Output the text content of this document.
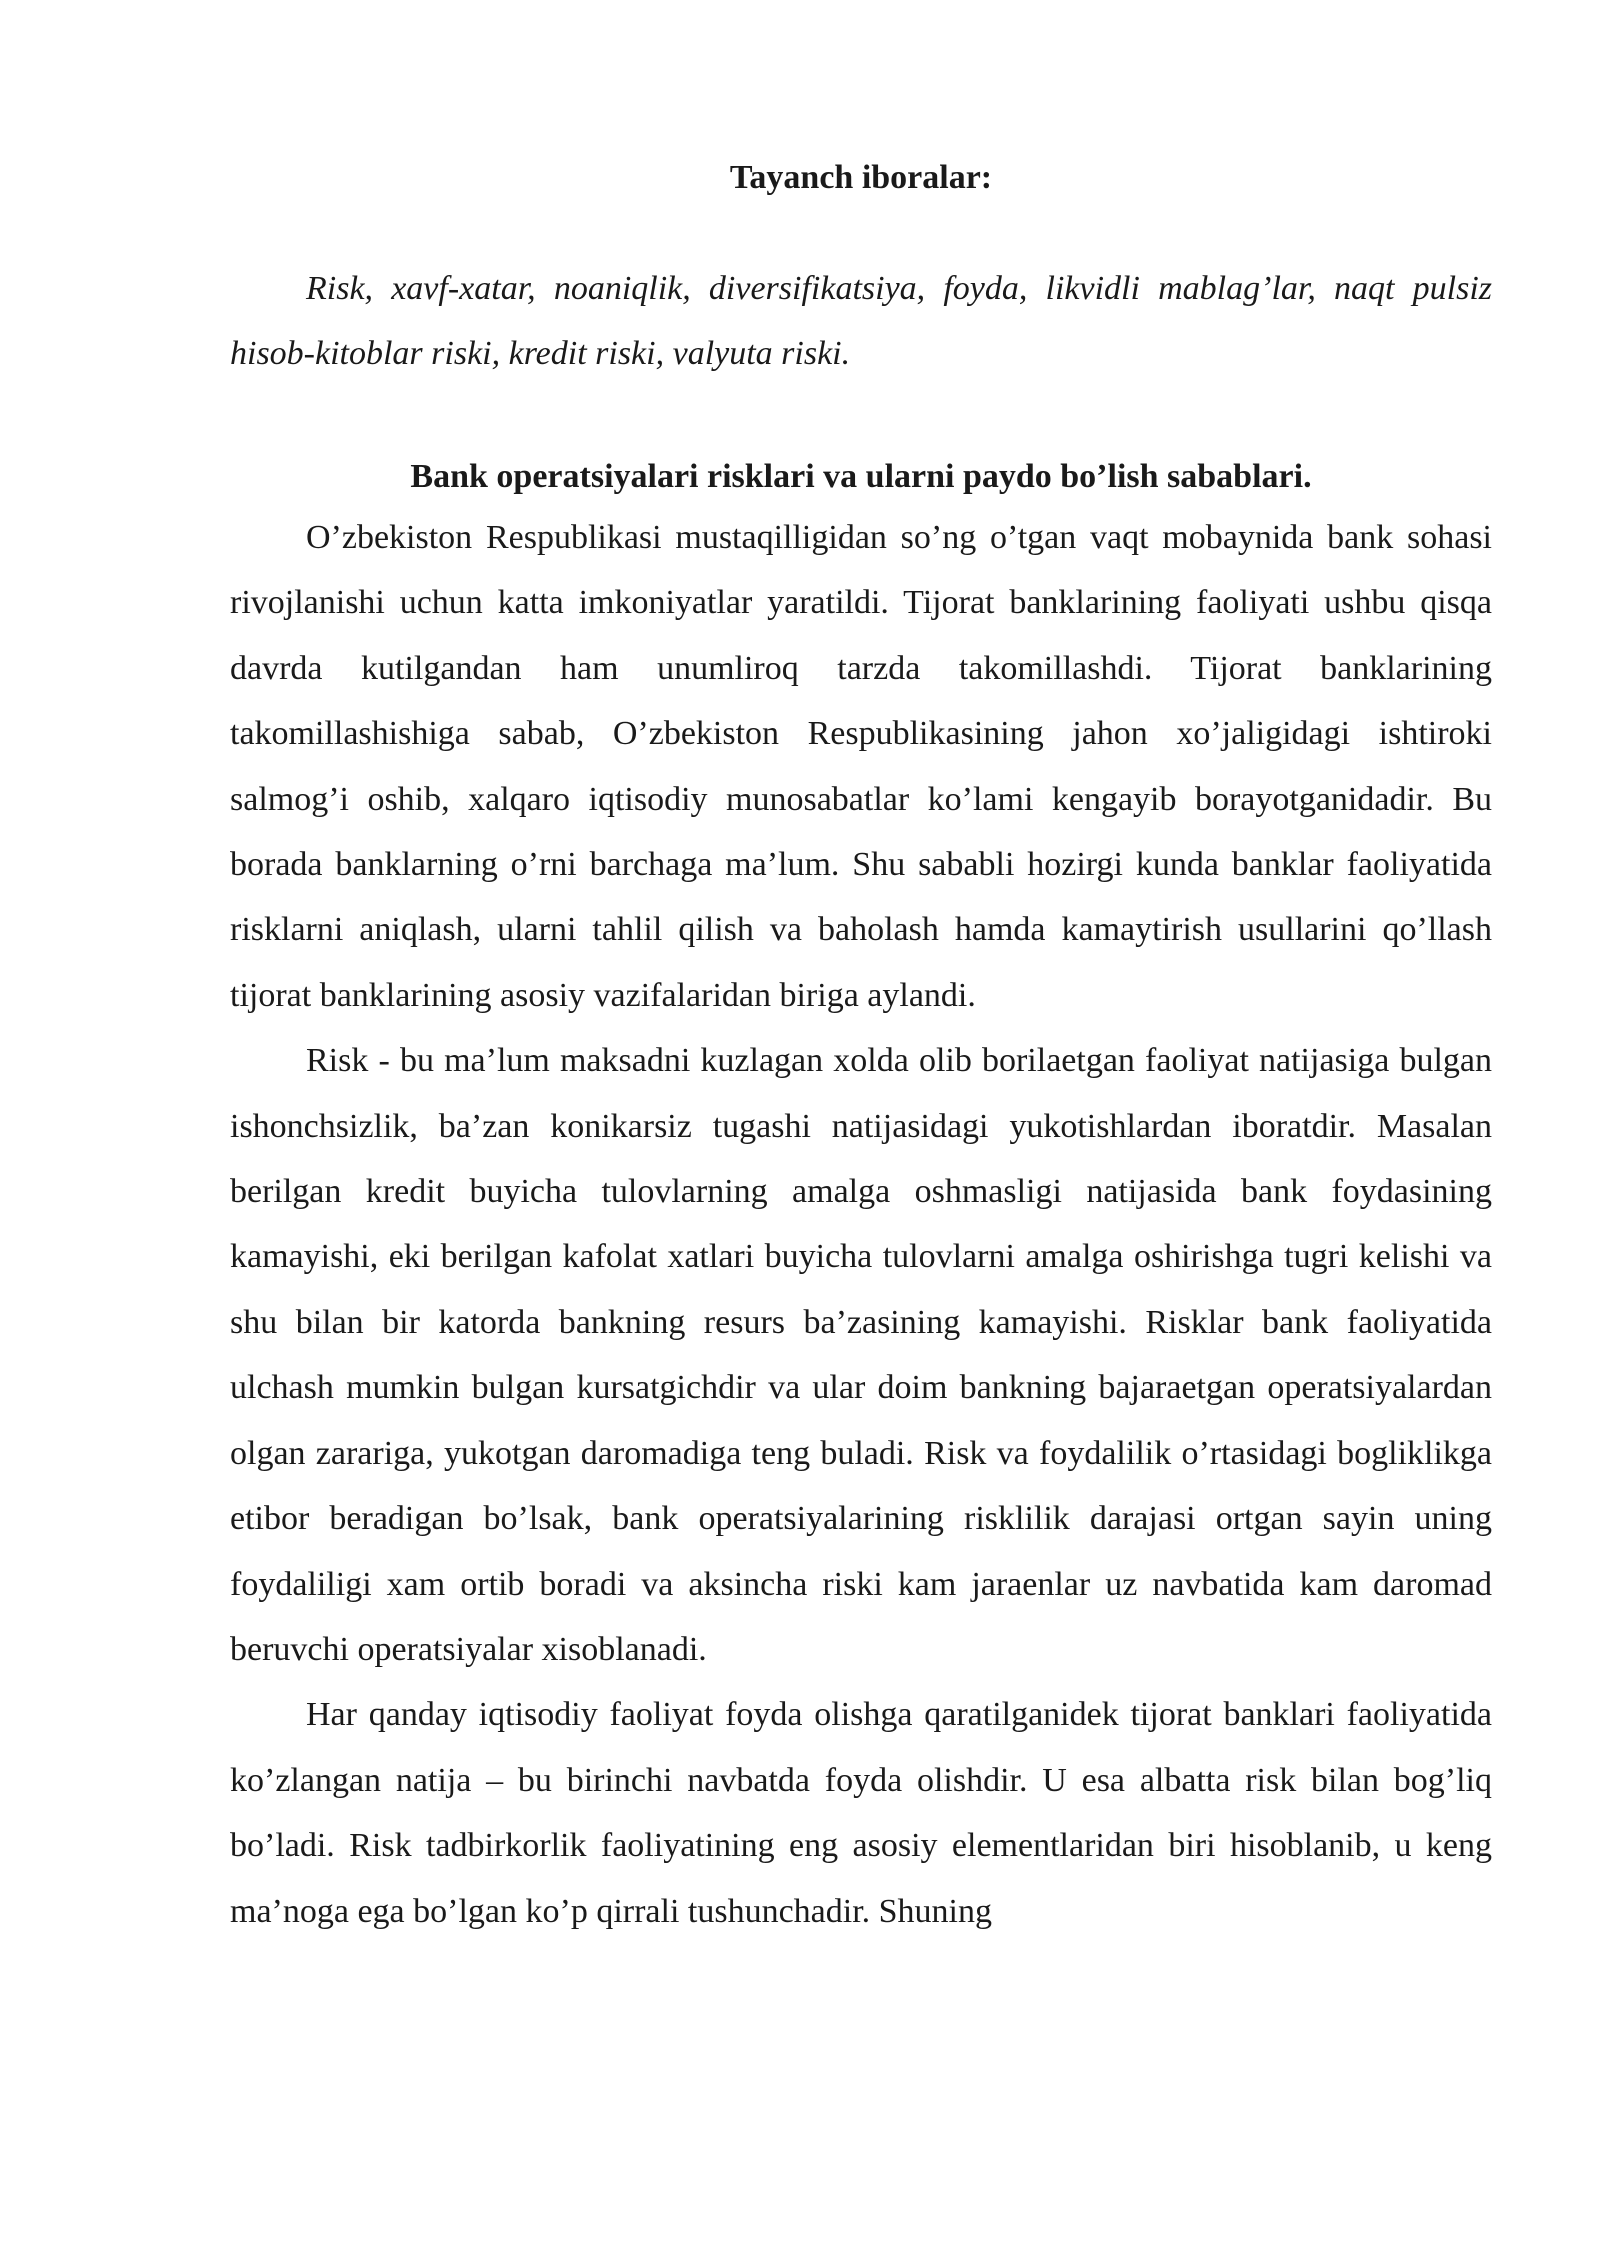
Tayanch iboralar:

Risk, xavf-xatar, noaniqlik, diversifikatsiya, foyda, likvidli mablag’lar, naqt pulsiz hisob-kitoblar riski, kredit riski, valyuta riski.

Bank operatsiyalari risklari va ularni paydo bo’lish sabablari.

O’zbekiston Respublikasi mustaqilligidan so’ng o’tgan vaqt mobaynida bank sohasi rivojlanishi uchun katta imkoniyatlar yaratildi. Tijorat banklarining faoliyati ushbu qisqa davrda kutilgandan ham unumliroq tarzda takomillashdi. Tijorat banklarining takomillashishiga sabab, O’zbekiston Respublikasining jahon xo’jaligidagi ishtiroki salmog’i oshib, xalqaro iqtisodiy munosabatlar ko’lami kengayib borayotganidadir. Bu borada banklarning o’rni barchaga ma’lum. Shu sababli hozirgi kunda banklar faoliyatida risklarni aniqlash, ularni tahlil qilish va baholash hamda kamaytirish usullarini qo’llash tijorat banklarining asosiy vazifalaridan biriga aylandi.

Risk - bu ma’lum maksadni kuzlagan xolda olib borilaetgan faoliyat natijasiga bulgan ishonchsizlik, ba’zan konikarsiz tugashi natijasidagi yukotishlardan iboratdir. Masalan berilgan kredit buyicha tulovlarning amalga oshmasligi natijasida bank foydasining kamayishi, eki berilgan kafolat xatlari buyicha tulovlarni amalga oshirishga tugri kelishi va shu bilan bir katorda bankning resurs ba’zasining kamayishi. Risklar bank faoliyatida ulchash mumkin bulgan kursatgichdir va ular doim bankning bajaraetgan operatsiyalardan olgan zarariga, yukotgan daromadiga teng buladi. Risk va foydalilik o’rtasidagi bogliklikga etibor beradigan bo’lsak, bank operatsiyalarining risklilik darajasi ortgan sayin uning foydaliligi xam ortib boradi va aksincha riski kam jaraenlar uz navbatida kam daromad beruvchi operatsiyalar xisoblanadi.

Har qanday iqtisodiy faoliyat foyda olishga qaratilganidek tijorat banklari faoliyatida ko’zlangan natija – bu birinchi navbatda foyda olishdir. U esa albatta risk bilan bog’liq bo’ladi. Risk tadbirkorlik faoliyatining eng asosiy elementlaridan biri hisoblanib, u keng ma’noga ega bo’lgan ko’p qirrali tushunchadir. Shuning
